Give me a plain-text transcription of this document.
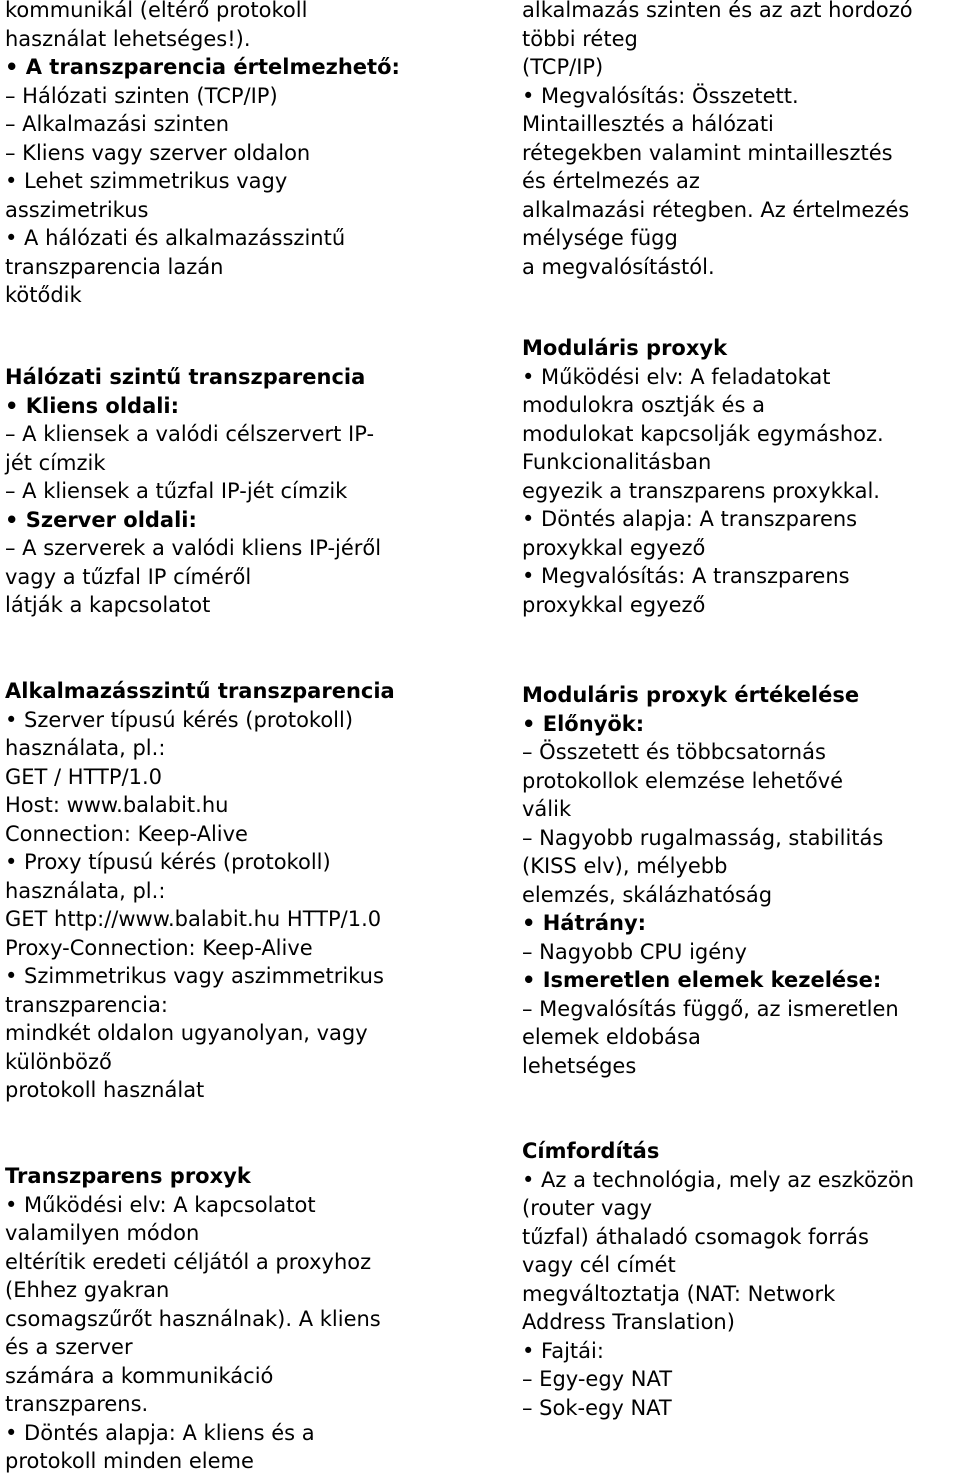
kommunikál (eltérő protokoll
használat lehetséges!).
• A transzparencia értelmezhető:
– Hálózati szinten (TCP/IP)
– Alkalmazási szinten
– Kliens vagy szerver oldalon
• Lehet szimmetrikus vagy
asszimetrikus
• A hálózati és alkalmazásszintű
transzparencia lazán
kötődik
Hálózati szintű transzparencia
• Kliens oldali:
– A kliensek a valódi célszervert IP-
jét címzik
– A kliensek a tűzfal IP-jét címzik
• Szerver oldali:
– A szerverek a valódi kliens IP-jéről
vagy a tűzfal IP címéről
látják a kapcsolatot
Alkalmazásszintű transzparencia
• Szerver típusú kérés (protokoll)
használata, pl.:
GET / HTTP/1.0
Host: www.balabit.hu
Connection: Keep-Alive
• Proxy típusú kérés (protokoll)
használata, pl.:
GET http://www.balabit.hu HTTP/1.0
Proxy-Connection: Keep-Alive
• Szimmetrikus vagy aszimmetrikus
transzparencia:
mindkét oldalon ugyanolyan, vagy
különböző
protokoll használat
Transzparens proxyk
• Működési elv: A kapcsolatot
valamilyen módon
eltérítik eredeti céljától a proxyhoz
(Ehhez gyakran
csomagszűrőt használnak). A kliens
és a szerver
számára a kommunikáció
transzparens.
• Döntés alapja: A kliens és a
protokoll minden eleme
alkalmazás szinten és az azt hordozó
többi réteg
(TCP/IP)
• Megvalósítás: Összetett.
Mintaillesztés a hálózati
rétegekben valamint mintaillesztés
és értelmezés az
alkalmazási rétegben. Az értelmezés
mélysége függ
a megvalósítástól.
Moduláris proxyk
• Működési elv: A feladatokat
modulokra osztják és a
modulokat kapcsolják egymáshoz.
Funkcionalitásban
egyezik a transzparens proxykkal.
• Döntés alapja: A transzparens
proxykkal egyező
• Megvalósítás: A transzparens
proxykkal egyező
Moduláris proxyk értékelése
• Előnyök:
– Összetett és többcsatornás
protokollok elemzése lehetővé
válik
– Nagyobb rugalmasság, stabilitás
(KISS elv), mélyebb
elemzés, skálázhatóság
• Hátrány:
– Nagyobb CPU igény
• Ismeretlen elemek kezelése:
– Megvalósítás függő, az ismeretlen
elemek eldobása
lehetséges
Címfordítás
• Az a technológia, mely az eszközön
(router vagy
tűzfal) áthaladó csomagok forrás
vagy cél címét
megváltoztatja (NAT: Network
Address Translation)
• Fajtái:
– Egy-egy NAT
– Sok-egy NAT
